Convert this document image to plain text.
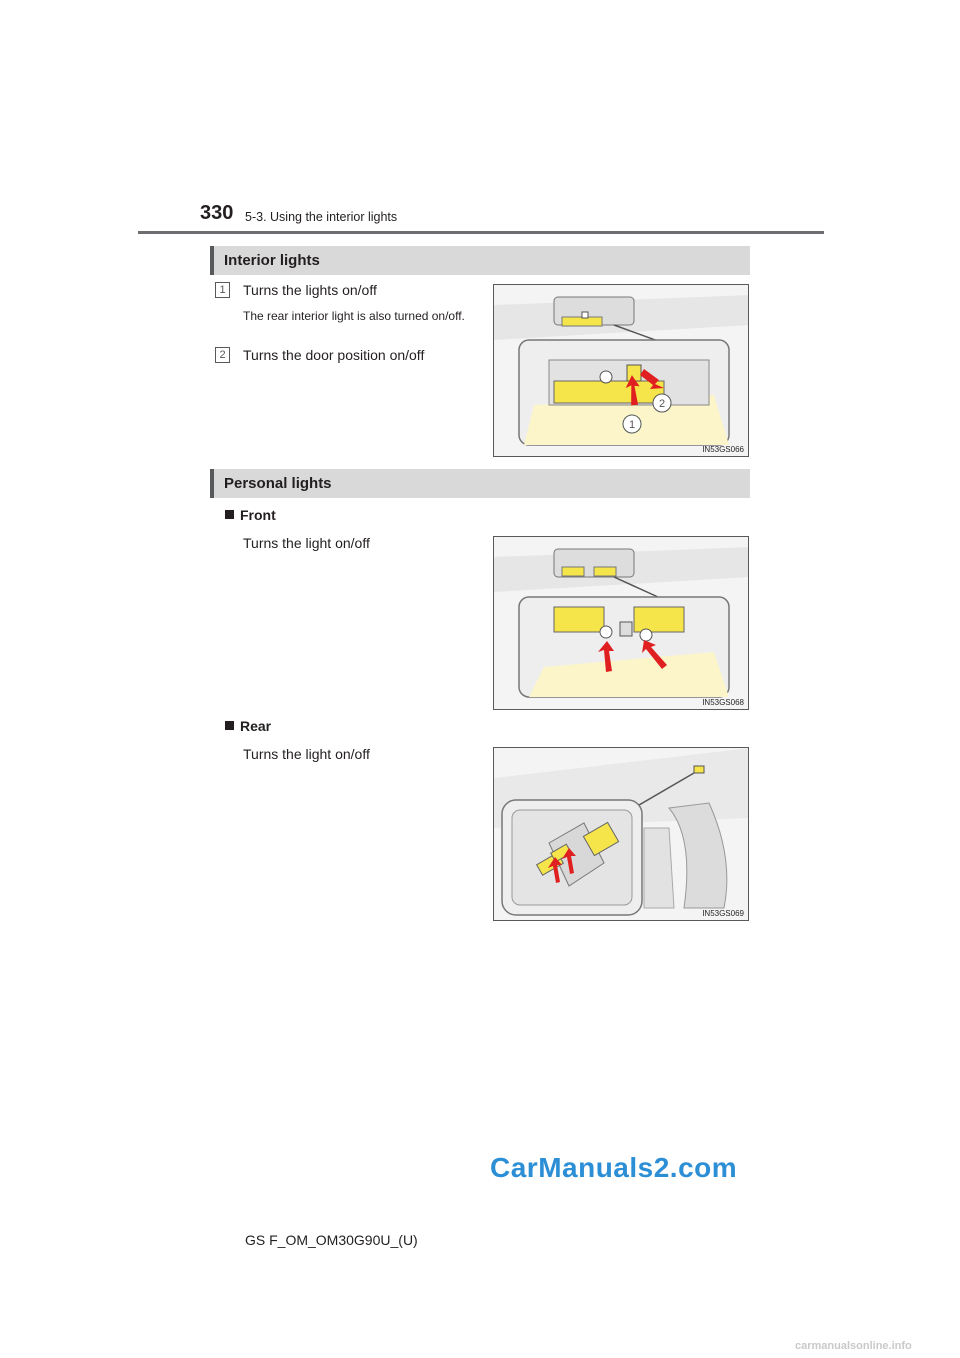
330 5-3. Using the interior lights
Interior lights
1	Turns the lights on/off
The rear interior light is also turned on/off.
2	Turns the door position on/off
2
1
IN53GS066
Personal lights
Front
Turns the light on/off
IN53GS068
Rear
Turns the light on/off
IN53GS069
GS F_OM_OM30G90U_(U)
CarManuals2.com
carmanualsonline.info
